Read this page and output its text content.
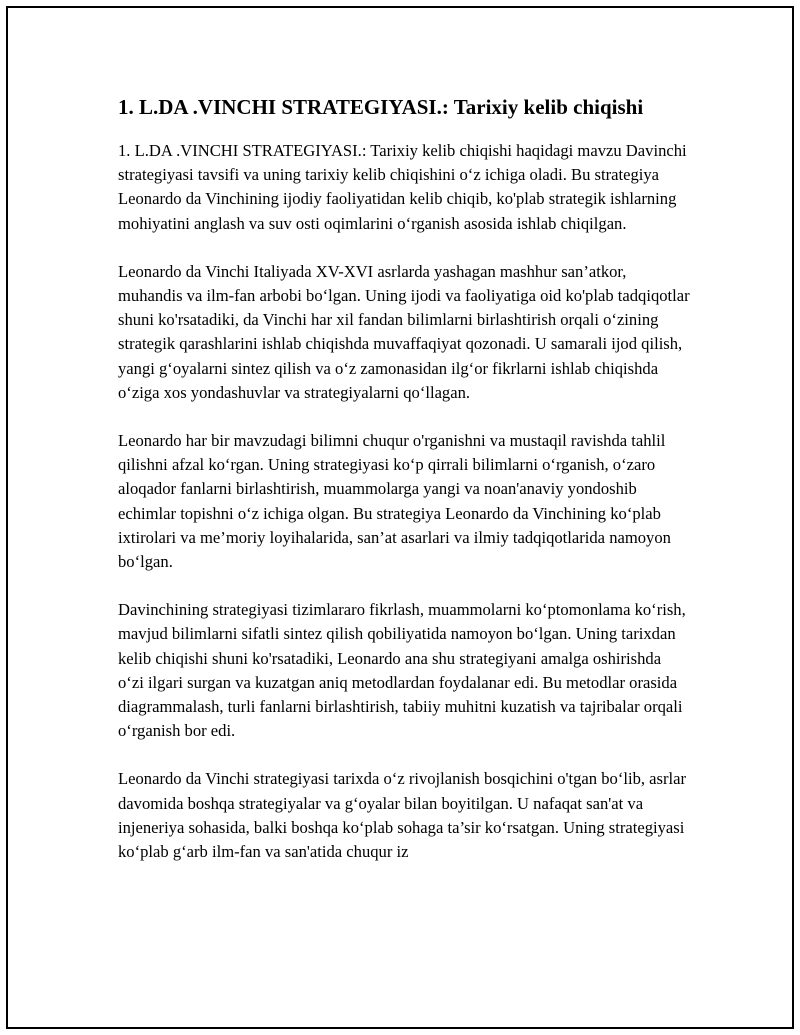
1. L.DA .VINCHI STRATEGIYASI.: Tarixiy kelib chiqishi

1. L.DA .VINCHI STRATEGIYASI.: Tarixiy kelib chiqishi haqidagi mavzu Davinchi strategiyasi tavsifi va uning tarixiy kelib chiqishini o‘z ichiga oladi. Bu strategiya Leonardo da Vinchining ijodiy faoliyatidan kelib chiqib, ko'plab strategik ishlarning mohiyatini anglash va suv osti oqimlarini o‘rganish asosida ishlab chiqilgan.

Leonardo da Vinchi Italiyada XV-XVI asrlarda yashagan mashhur san’atkor, muhandis va ilm-fan arbobi bo‘lgan. Uning ijodi va faoliyatiga oid ko'plab tadqiqotlar shuni ko'rsatadiki, da Vinchi har xil fandan bilimlarni birlashtirish orqali o‘zining strategik qarashlarini ishlab chiqishda muvaffaqiyat qozonadi. U samarali ijod qilish, yangi g‘oyalarni sintez qilish va o‘z zamonasidan ilg‘or fikrlarni ishlab chiqishda o‘ziga xos yondashuvlar va strategiyalarni qo‘llagan.

Leonardo har bir mavzudagi bilimni chuqur o'rganishni va mustaqil ravishda tahlil qilishni afzal ko‘rgan. Uning strategiyasi ko‘p qirrali bilimlarni o‘rganish, o‘zaro aloqador fanlarni birlashtirish, muammolarga yangi va noan'anaviy yondoshib echimlar topishni o‘z ichiga olgan. Bu strategiya Leonardo da Vinchining ko‘plab ixtirolari va me’moriy loyihalarida, san’at asarlari va ilmiy tadqiqotlarida namoyon bo‘lgan.

Davinchining strategiyasi tizimlararo fikrlash, muammolarni ko‘ptomonlama ko‘rish, mavjud bilimlarni sifatli sintez qilish qobiliyatida namoyon bo‘lgan. Uning tarixdan kelib chiqishi shuni ko'rsatadiki, Leonardo ana shu strategiyani amalga oshirishda o‘zi ilgari surgan va kuzatgan aniq metodlardan foydalanar edi. Bu metodlar orasida diagrammalash, turli fanlarni birlashtirish, tabiiy muhitni kuzatish va tajribalar orqali o‘rganish bor edi.

Leonardo da Vinchi strategiyasi tarixda o‘z rivojlanish bosqichini o'tgan bo‘lib, asrlar davomida boshqa strategiyalar va g‘oyalar bilan boyitilgan. U nafaqat san'at va injeneriya sohasida, balki boshqa ko‘plab sohaga ta’sir ko‘rsatgan. Uning strategiyasi ko‘plab g‘arb ilm-fan va san'atida chuqur iz
